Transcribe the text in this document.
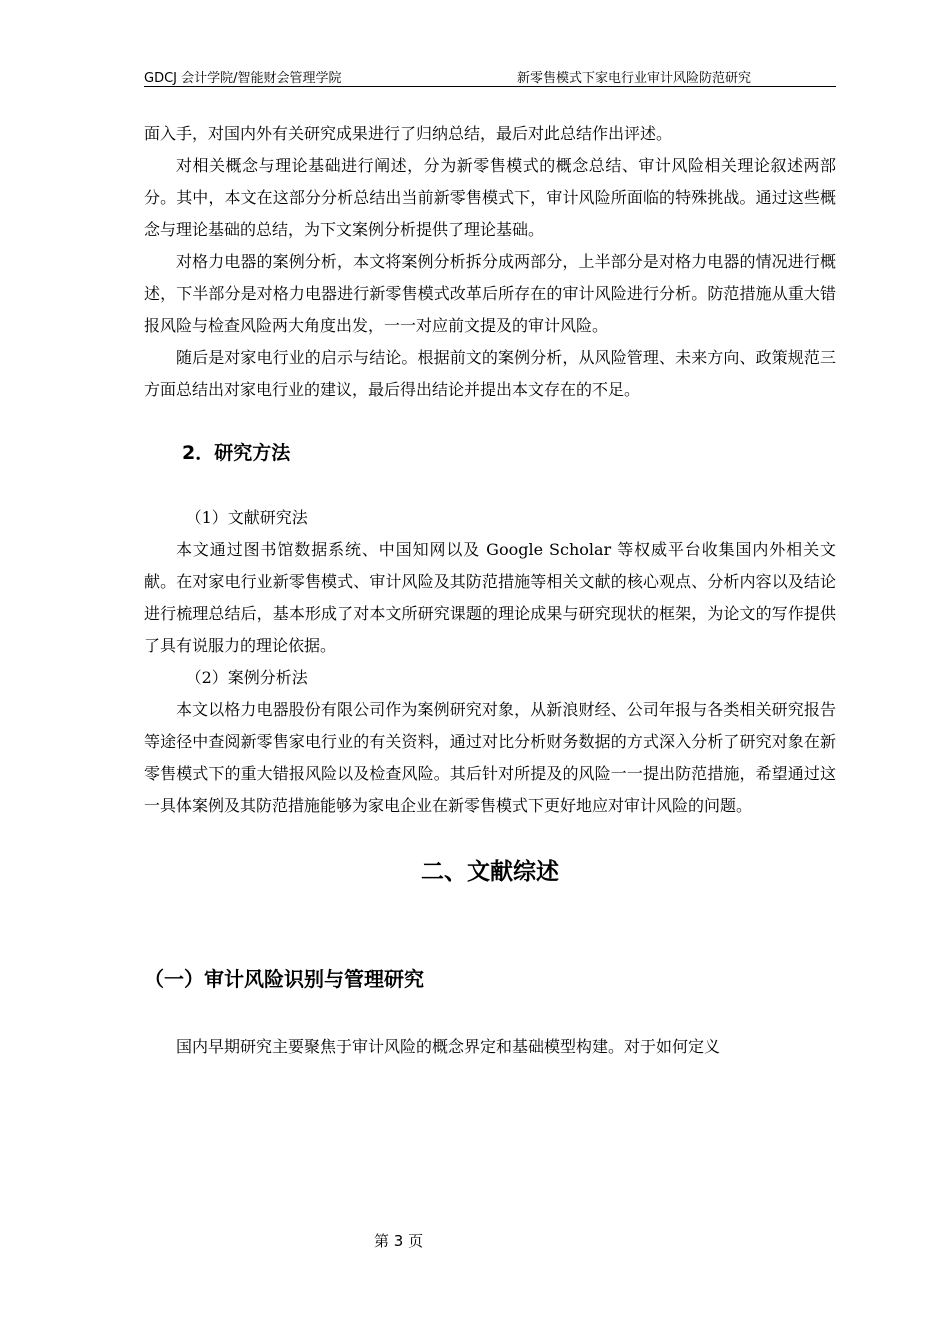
GDCJ 会计学院/智能财会管理学院	新零售模式下家电行业审计风险防范研究

面入手，对国内外有关研究成果进行了归纳总结，最后对此总结作出评述。

对相关概念与理论基础进行阐述，分为新零售模式的概念总结、审计风险相关理论叙述两部分。其中，本文在这部分分析总结出当前新零售模式下，审计风险所面临的特殊挑战。通过这些概念与理论基础的总结，为下文案例分析提供了理论基础。

对格力电器的案例分析，本文将案例分析拆分成两部分，上半部分是对格力电器的情况进行概述，下半部分是对格力电器进行新零售模式改革后所存在的审计风险进行分析。防范措施从重大错报风险与检查风险两大角度出发，一一对应前文提及的审计风险。

随后是对家电行业的启示与结论。根据前文的案例分析，从风险管理、未来方向、政策规范三方面总结出对家电行业的建议，最后得出结论并提出本文存在的不足。

2．研究方法

（1）文献研究法

本文通过图书馆数据系统、中国知网以及 Google Scholar 等权威平台收集国内外相关文献。在对家电行业新零售模式、审计风险及其防范措施等相关文献的核心观点、分析内容以及结论进行梳理总结后，基本形成了对本文所研究课题的理论成果与研究现状的框架，为论文的写作提供了具有说服力的理论依据。

（2）案例分析法

本文以格力电器股份有限公司作为案例研究对象，从新浪财经、公司年报与各类相关研究报告等途径中查阅新零售家电行业的有关资料，通过对比分析财务数据的方式深入分析了研究对象在新零售模式下的重大错报风险以及检查风险。其后针对所提及的风险一一提出防范措施，希望通过这一具体案例及其防范措施能够为家电企业在新零售模式下更好地应对审计风险的问题。

二、文献综述
（一）审计风险识别与管理研究

国内早期研究主要聚焦于审计风险的概念界定和基础模型构建。对于如何定义

第 3 页
